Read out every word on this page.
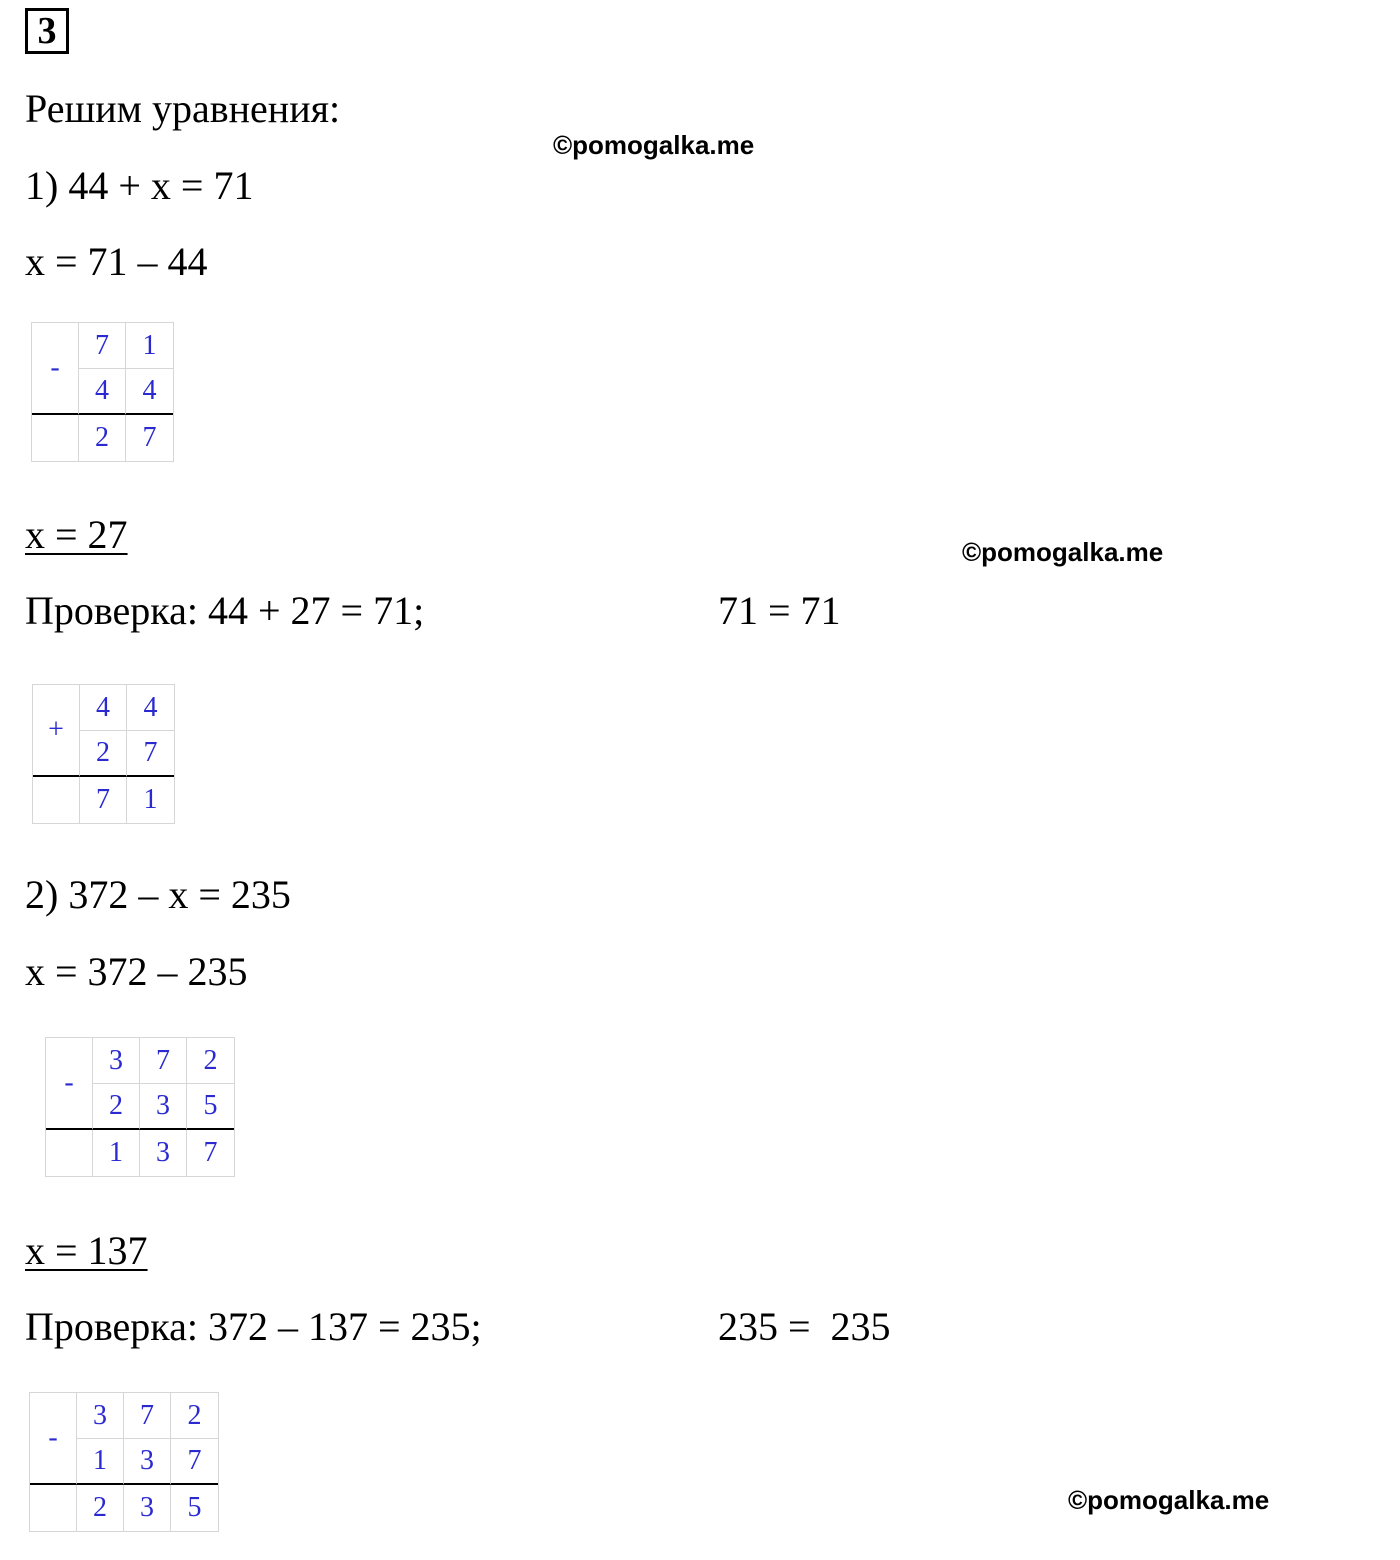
3
Решим уравнения:
©pomogalka.me
1) 44 + x = 71
x = 71 – 44
-
7	1
4	4
2	7
x = 27	©pomogalka.me
Проверка: 44 + 27 = 71;	71 = 71
+
4	4
2	7
7	1
2) 372 – x = 235
x = 372 – 235
-
3	7	2
2	3	5
1	3	7
x = 137
Проверка: 372 – 137 = 235;	235 =  235
-
3	7	2
1	3	7
2	3	5	©pomogalka.me
